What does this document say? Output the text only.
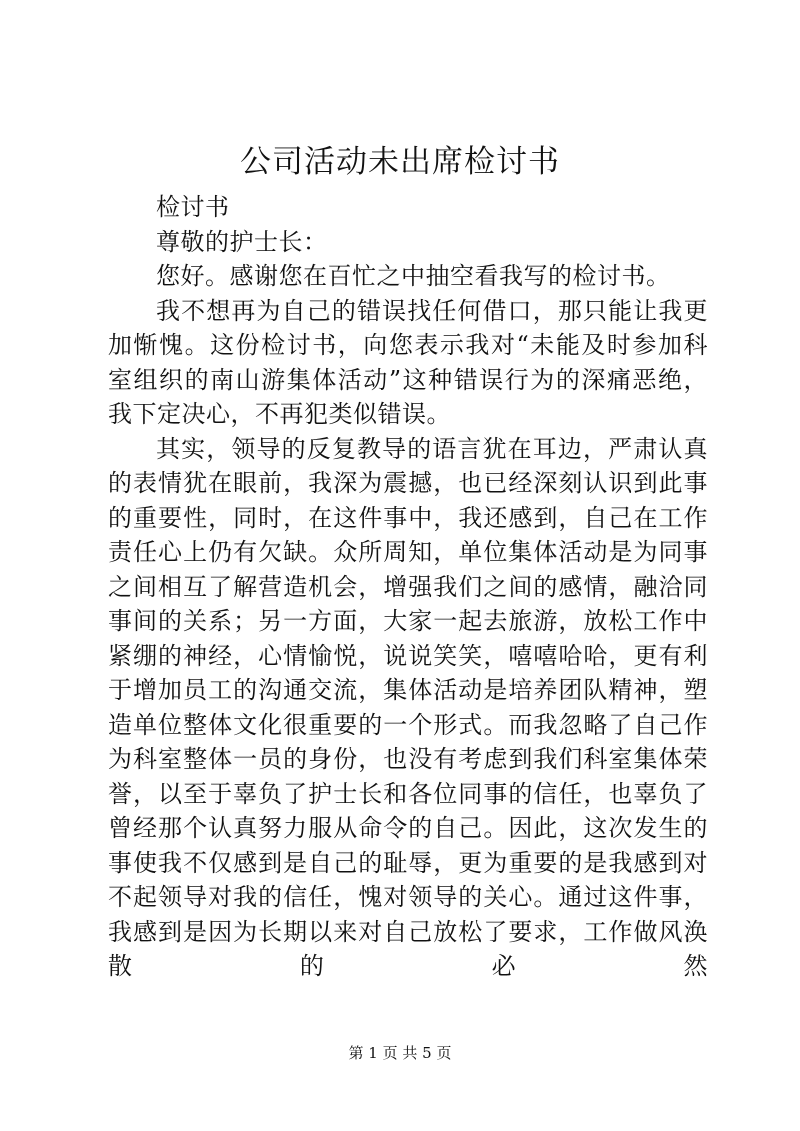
公司活动未出席检讨书

检讨书

尊敬的护士长：

您好。感谢您在百忙之中抽空看我写的检讨书。

我不想再为自己的错误找任何借口，那只能让我更加惭愧。这份检讨书，向您表示我对“未能及时参加科室组织的南山游集体活动”这种错误行为的深痛恶绝，我下定决心，不再犯类似错误。

其实，领导的反复教导的语言犹在耳边，严肃认真的表情犹在眼前，我深为震撼，也已经深刻认识到此事的重要性，同时，在这件事中，我还感到，自己在工作责任心上仍有欠缺。众所周知，单位集体活动是为同事之间相互了解营造机会，增强我们之间的感情，融洽同事间的关系；另一方面，大家一起去旅游，放松工作中紧绷的神经，心情愉悦，说说笑笑，嘻嘻哈哈，更有利于增加员工的沟通交流，集体活动是培养团队精神，塑造单位整体文化很重要的一个形式。而我忽略了自己作为科室整体一员的身份，也没有考虑到我们科室集体荣誉，以至于辜负了护士长和各位同事的信任，也辜负了曾经那个认真努力服从命令的自己。因此，这次发生的事使我不仅感到是自己的耻辱，更为重要的是我感到对不起领导对我的信任，愧对领导的关心。通过这件事，我感到是因为长期以来对自己放松了要求，工作做风涣散的必然

第 1 页 共 5 页
